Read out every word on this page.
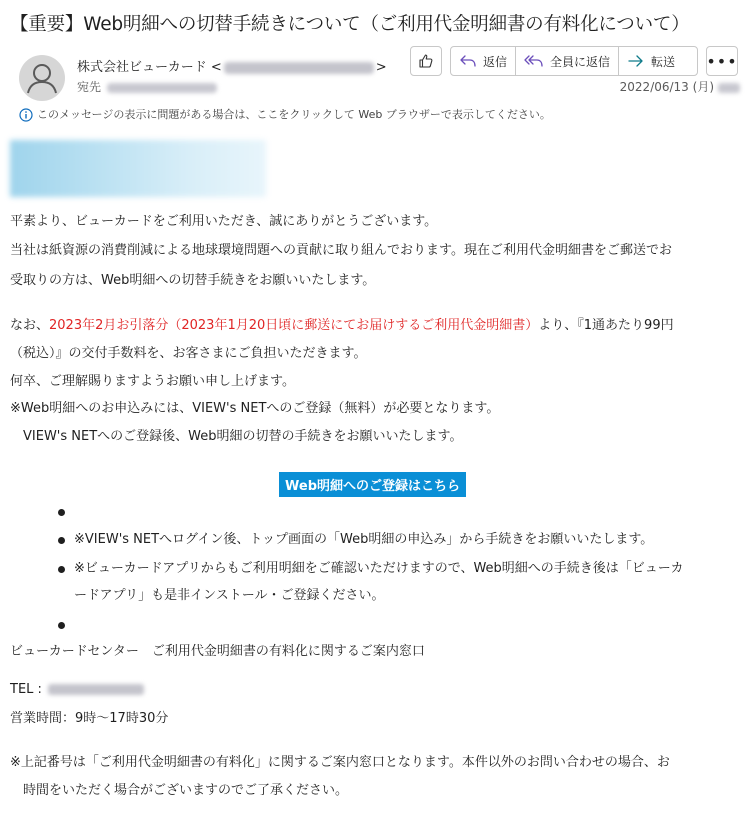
【重要】Web明細への切替手続きについて（ご利用代金明細書の有料化について）
株式会社ビューカード <	>
宛先
返信	全員に返信	転送 •••
2022/06/13 (月)
このメッセージの表示に問題がある場合は、ここをクリックして Web ブラウザーで表示してください。
平素より、ビューカードをご利用いただき、誠にありがとうございます。
当社は紙資源の消費削減による地球環境問題への貢献に取り組んでおります。現在ご利用代金明細書をご郵送でお
受取りの方は、Web明細への切替手続きをお願いいたします。
なお、2023年2月お引落分（2023年1月20日頃に郵送にてお届けするご利用代金明細書）より、『1通あたり99円
（税込）』の交付手数料を、お客さまにご負担いただきます。
何卒、ご理解賜りますようお願い申し上げます。
※Web明細へのお申込みには、VIEW's NETへのご登録（無料）が必要となります。
　VIEW's NETへのご登録後、Web明細の切替の手続きをお願いいたします。
Web明細へのご登録はこちら
※VIEW's NETへログイン後、トップ画面の「Web明細の申込み」から手続きをお願いいたします。
※ビューカードアプリからもご利用明細をご確認いただけますので、Web明細への手続き後は「ビューカ
ードアプリ」も是非インストール・ご登録ください。
ビューカードセンター　ご利用代金明細書の有料化に関するご案内窓口
TEL :
営業時間：9時～17時30分
※上記番号は「ご利用代金明細書の有料化」に関するご案内窓口となります。本件以外のお問い合わせの場合、お
　時間をいただく場合がございますのでご了承ください。
